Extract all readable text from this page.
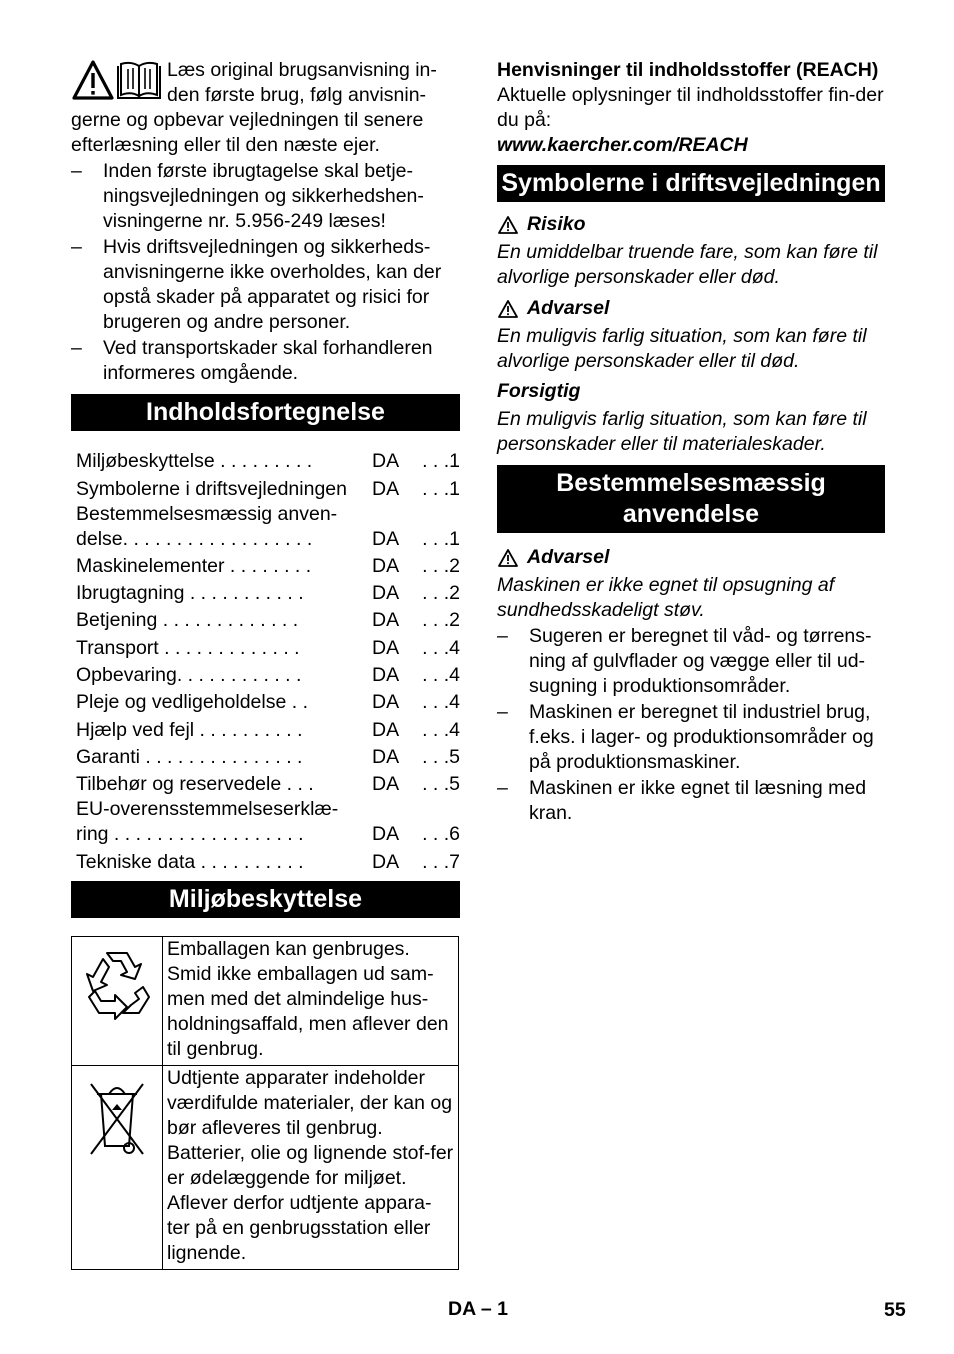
Læs original brugsanvisning in-den første brug, følg anvisnin-gerne og opbevar vejledningen til senere efterlæsning eller til den næste ejer.

– Inden første ibrugtagelse skal betje-ningsvejledningen og sikkerhedshen-visningerne nr. 5.956-249 læses!
– Hvis driftsvejledningen og sikkerheds-anvisningerne ikke overholdes, kan der opstå skader på apparatet og risici for brugeren og andre personer.
– Ved transportskader skal forhandleren informeres omgående.
Indholdsfortegnelse
Miljøbeskyttelse . . . . . . . . .	DA	. . .1
Symbolerne i driftsvejledningen	DA	. . .1
Bestemmelsesmæssig anven-
delse. . . . . . . . . . . . . . . . . .	DA	. . .1
Maskinelementer . . . . . . . .	DA	. . .2
Ibrugtagning . . . . . . . . . . .	DA	. . .2
Betjening . . . . . . . . . . . . .	DA	. . .2
Transport . . . . . . . . . . . . .	DA	. . .4
Opbevaring. . . . . . . . . . . .	DA	. . .4
Pleje og vedligeholdelse . .	DA	. . .4
Hjælp ved fejl . . . . . . . . . .	DA	. . .4
Garanti . . . . . . . . . . . . . . .	DA	. . .5
Tilbehør og reservedele . . .	DA	. . .5
EU-overensstemmelseserklæ-
ring . . . . . . . . . . . . . . . . . .	DA	. . .6
Tekniske data . . . . . . . . . .	DA	. . .7
Miljøbeskyttelse
	Emballagen kan genbruges. Smid ikke emballagen ud sam-men med det almindelige hus-holdningsaffald, men aflever den til genbrug.
	Udtjente apparater indeholder værdifulde materialer, der kan og bør afleveres til genbrug. Batterier, olie og lignende stof-fer er ødelæggende for miljøet. Aflever derfor udtjente appara-ter på en genbrugsstation eller lignende.

Henvisninger til indholdsstoffer (REACH)

Aktuelle oplysninger til indholdsstoffer fin-der du på:

www.kaercher.com/REACH

Symbolerne i driftsvejledningen
Risiko

En umiddelbar truende fare, som kan føre til alvorlige personskader eller død.

Advarsel

En muligvis farlig situation, som kan føre til alvorlige personskader eller til død.

Forsigtig

En muligvis farlig situation, som kan føre til personskader eller til materialeskader.

Bestemmelsesmæssig anvendelse
Advarsel

Maskinen er ikke egnet til opsugning af sundhedsskadeligt støv.

– Sugeren er beregnet til våd- og tørrens-ning af gulvflader og vægge eller til ud-sugning i produktionsområder.
– Maskinen er beregnet til industriel brug, f.eks. i lager- og produktionsområder og på produktionsmaskiner.
– Maskinen er ikke egnet til læsning med kran.
DA – 1	55
